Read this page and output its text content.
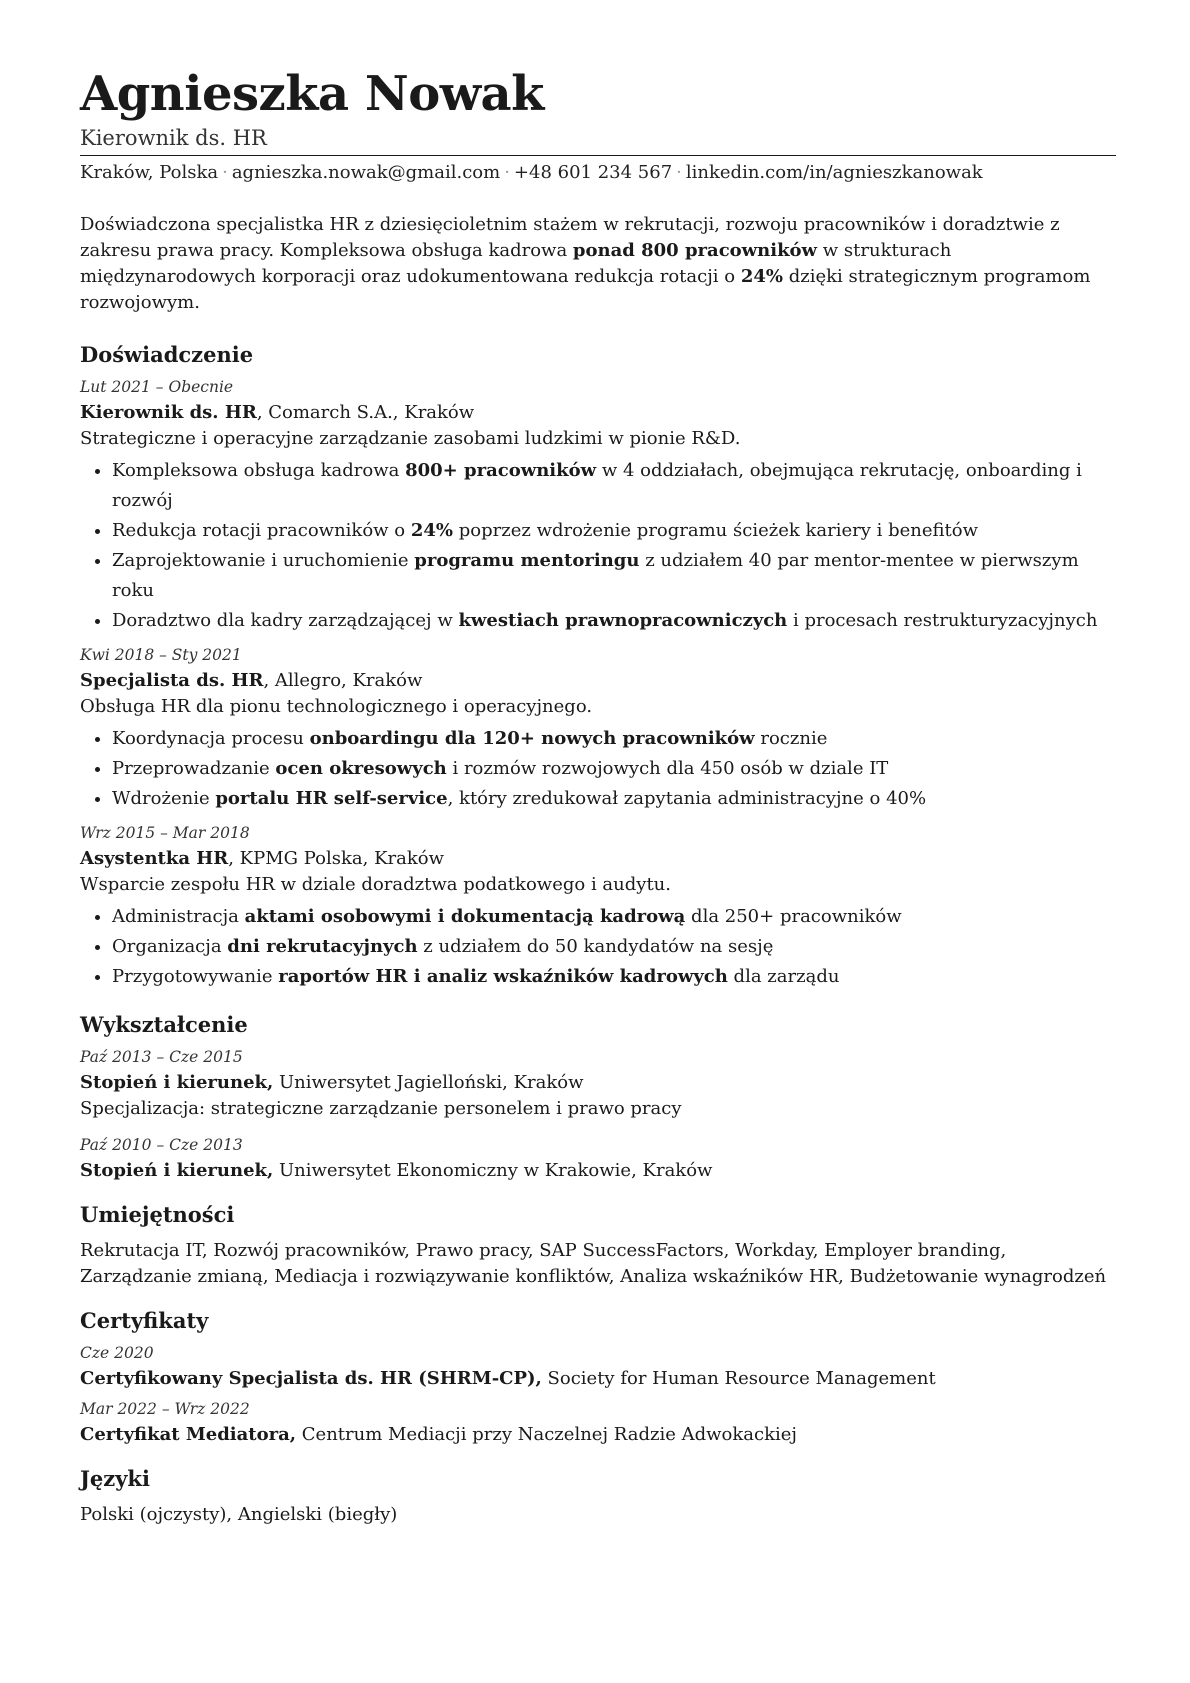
Agnieszka Nowak
Kierownik ds. HR
Kraków, Polska · agnieszka.nowak@gmail.com · +48 601 234 567 · linkedin.com/in/agnieszkanowak
Doświadczona specjalistka HR z dziesięcioletnim stażem w rekrutacji, rozwoju pracowników i doradztwie z zakresu prawa pracy. Kompleksowa obsługa kadrowa ponad 800 pracowników w strukturach międzynarodowych korporacji oraz udokumentowana redukcja rotacji o 24% dzięki strategicznym programom rozwojowym.
Doświadczenie
Lut 2021 – Obecnie
Kierownik ds. HR, Comarch S.A., Kraków
Strategiczne i operacyjne zarządzanie zasobami ludzkimi w pionie R&D.
• Kompleksowa obsługa kadrowa 800+ pracowników w 4 oddziałach, obejmująca rekrutację, onboarding i rozwój
• Redukcja rotacji pracowników o 24% poprzez wdrożenie programu ścieżek kariery i benefitów
• Zaprojektowanie i uruchomienie programu mentoringu z udziałem 40 par mentor-mentee w pierwszym roku
• Doradztwo dla kadry zarządzającej w kwestiach prawnopracowniczych i procesach restrukturyzacyjnych
Kwi 2018 – Sty 2021
Specjalista ds. HR, Allegro, Kraków
Obsługa HR dla pionu technologicznego i operacyjnego.
• Koordynacja procesu onboardingu dla 120+ nowych pracowników rocznie
• Przeprowadzanie ocen okresowych i rozmów rozwojowych dla 450 osób w dziale IT
• Wdrożenie portalu HR self-service, który zredukował zapytania administracyjne o 40%
Wrz 2015 – Mar 2018
Asystentka HR, KPMG Polska, Kraków
Wsparcie zespołu HR w dziale doradztwa podatkowego i audytu.
• Administracja aktami osobowymi i dokumentacją kadrową dla 250+ pracowników
• Organizacja dni rekrutacyjnych z udziałem do 50 kandydatów na sesję
• Przygotowywanie raportów HR i analiz wskaźników kadrowych dla zarządu
Wykształcenie
Paź 2013 – Cze 2015
Stopień i kierunek, Uniwersytet Jagielloński, Kraków
Specjalizacja: strategiczne zarządzanie personelem i prawo pracy
Paź 2010 – Cze 2013
Stopień i kierunek, Uniwersytet Ekonomiczny w Krakowie, Kraków
Umiejętności
Rekrutacja IT, Rozwój pracowników, Prawo pracy, SAP SuccessFactors, Workday, Employer branding, Zarządzanie zmianą, Mediacja i rozwiązywanie konfliktów, Analiza wskaźników HR, Budżetowanie wynagrodzeń
Certyfikaty
Cze 2020
Certyfikowany Specjalista ds. HR (SHRM-CP), Society for Human Resource Management
Mar 2022 – Wrz 2022
Certyfikat Mediatora, Centrum Mediacji przy Naczelnej Radzie Adwokackiej
Języki
Polski (ojczysty), Angielski (biegły)
